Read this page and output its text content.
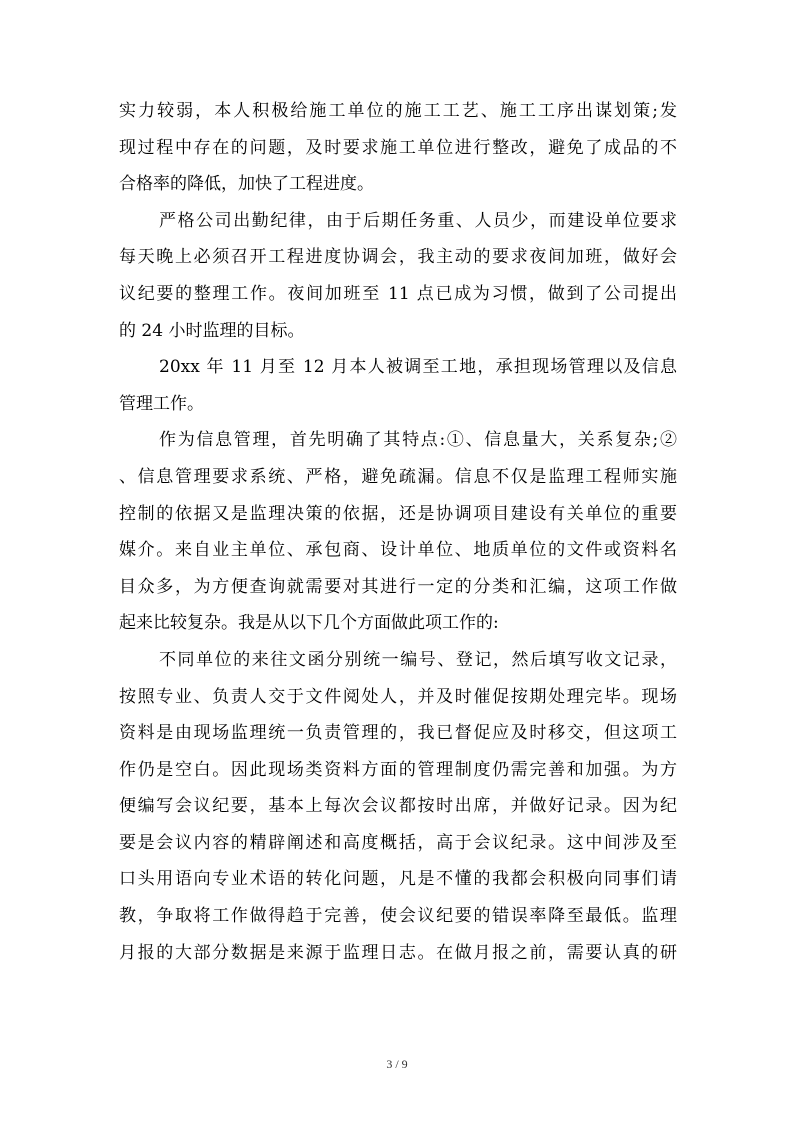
实力较弱，本人积极给施工单位的施工工艺、施工工序出谋划策;发
现过程中存在的问题，及时要求施工单位进行整改，避免了成品的不
合格率的降低，加快了工程进度。

严格公司出勤纪律，由于后期任务重、人员少，而建设单位要求
每天晚上必须召开工程进度协调会，我主动的要求夜间加班，做好会
议纪要的整理工作。夜间加班至 11 点已成为习惯，做到了公司提出
的 24 小时监理的目标。

20xx 年 11 月至 12 月本人被调至工地，承担现场管理以及信息
管理工作。

作为信息管理，首先明确了其特点:①、信息量大，关系复杂;②
、信息管理要求系统、严格，避免疏漏。信息不仅是监理工程师实施
控制的依据又是监理决策的依据，还是协调项目建设有关单位的重要
媒介。来自业主单位、承包商、设计单位、地质单位的文件或资料名
目众多，为方便查询就需要对其进行一定的分类和汇编，这项工作做
起来比较复杂。我是从以下几个方面做此项工作的:

不同单位的来往文函分别统一编号、登记，然后填写收文记录，
按照专业、负责人交于文件阅处人，并及时催促按期处理完毕。现场
资料是由现场监理统一负责管理的，我已督促应及时移交，但这项工
作仍是空白。因此现场类资料方面的管理制度仍需完善和加强。为方
便编写会议纪要，基本上每次会议都按时出席，并做好记录。因为纪
要是会议内容的精辟阐述和高度概括，高于会议纪录。这中间涉及至
口头用语向专业术语的转化问题，凡是不懂的我都会积极向同事们请
教，争取将工作做得趋于完善，使会议纪要的错误率降至最低。监理
月报的大部分数据是来源于监理日志。在做月报之前，需要认真的研

3 / 9
